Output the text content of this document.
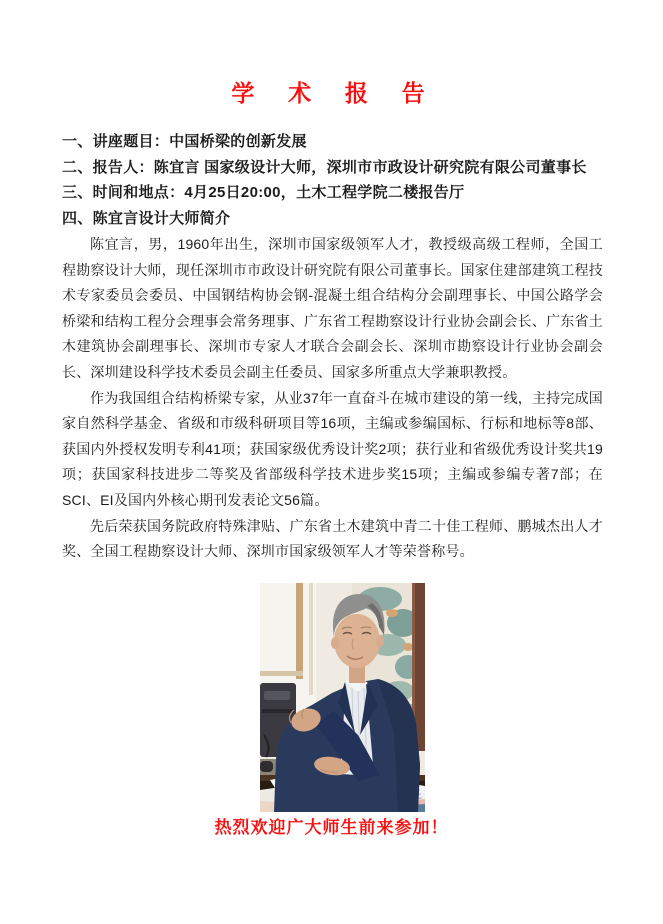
学  术  报  告
一、讲座题目：中国桥梁的创新发展
二、报告人：陈宜言 国家级设计大师，深圳市市政设计研究院有限公司董事长
三、时间和地点：4月25日20:00，土木工程学院二楼报告厅
四、陈宜言设计大师简介

陈宜言，男，1960年出生，深圳市国家级领军人才，教授级高级工程师，全国工程勘察设计大师，现任深圳市市政设计研究院有限公司董事长。国家住建部建筑工程技术专家委员会委员、中国钢结构协会钢-混凝土组合结构分会副理事长、中国公路学会桥梁和结构工程分会理事会常务理事、广东省工程勘察设计行业协会副会长、广东省土木建筑协会副理事长、深圳市专家人才联合会副会长、深圳市勘察设计行业协会副会长、深圳建设科学技术委员会副主任委员、国家多所重点大学兼职教授。

作为我国组合结构桥梁专家，从业37年一直奋斗在城市建设的第一线，主持完成国家自然科学基金、省级和市级科研项目等16项，主编或参编国标、行标和地标等8部、获国内外授权发明专利41项；获国家级优秀设计奖2项；获行业和省级优秀设计奖共19项；获国家科技进步二等奖及省部级科学技术进步奖15项；主编或参编专著7部；在SCI、EI及国内外核心期刊发表论文56篇。

先后荣获国务院政府特殊津贴、广东省土木建筑中青二十佳工程师、鹏城杰出人才奖、全国工程勘察设计大师、深圳市国家级领军人才等荣誉称号。

热烈欢迎广大师生前来参加！
